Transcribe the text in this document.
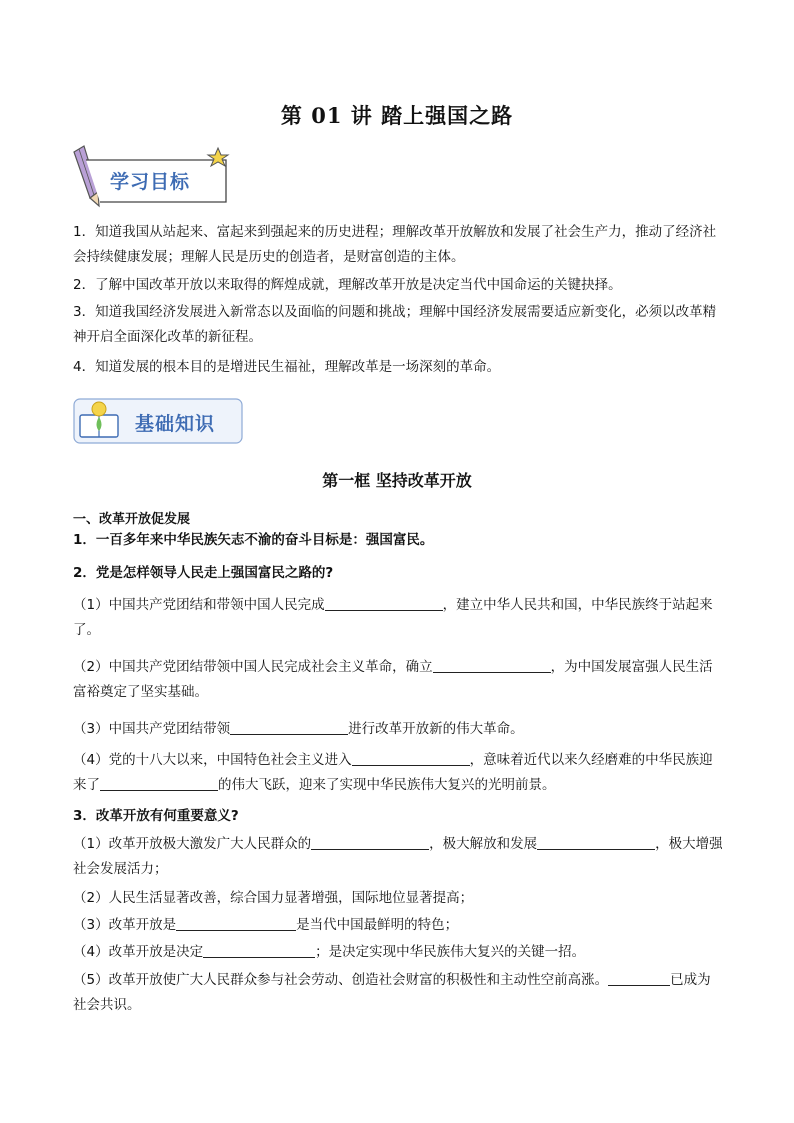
第 01 讲 踏上强国之路
学习目标
1．知道我国从站起来、富起来到强起来的历史进程；理解改革开放解放和发展了社会生产力，推动了经济社会持续健康发展；理解人民是历史的创造者，是财富创造的主体。
2．了解中国改革开放以来取得的辉煌成就，理解改革开放是决定当代中国命运的关键抉择。
3．知道我国经济发展进入新常态以及面临的问题和挑战；理解中国经济发展需要适应新变化，必须以改革精神开启全面深化改革的新征程。
4．知道发展的根本目的是增进民生福祉，理解改革是一场深刻的革命。
基础知识
第一框 坚持改革开放
一、改革开放促发展
1．一百多年来中华民族矢志不渝的奋斗目标是：强国富民。
2．党是怎样领导人民走上强国富民之路的?
（1）中国共产党团结和带领中国人民完成	，建立中华人民共和国，中华民族终于站起来了。
（2）中国共产党团结带领中国人民完成社会主义革命，确立	，为中国发展富强人民生活富裕奠定了坚实基础。
（3）中国共产党团结带领	进行改革开放新的伟大革命。
（4）党的十八大以来，中国特色社会主义进入	，意味着近代以来久经磨难的中华民族迎来了	的伟大飞跃，迎来了实现中华民族伟大复兴的光明前景。
3．改革开放有何重要意义?
（1）改革开放极大激发广大人民群众的	，极大解放和发展	，极大增强社会发展活力；
（2）人民生活显著改善，综合国力显著增强，国际地位显著提高；
（3）改革开放是	是当代中国最鲜明的特色；
（4）改革开放是决定	；是决定实现中华民族伟大复兴的关键一招。
（5）改革开放使广大人民群众参与社会劳动、创造社会财富的积极性和主动性空前高涨。	已成为社会共识。
